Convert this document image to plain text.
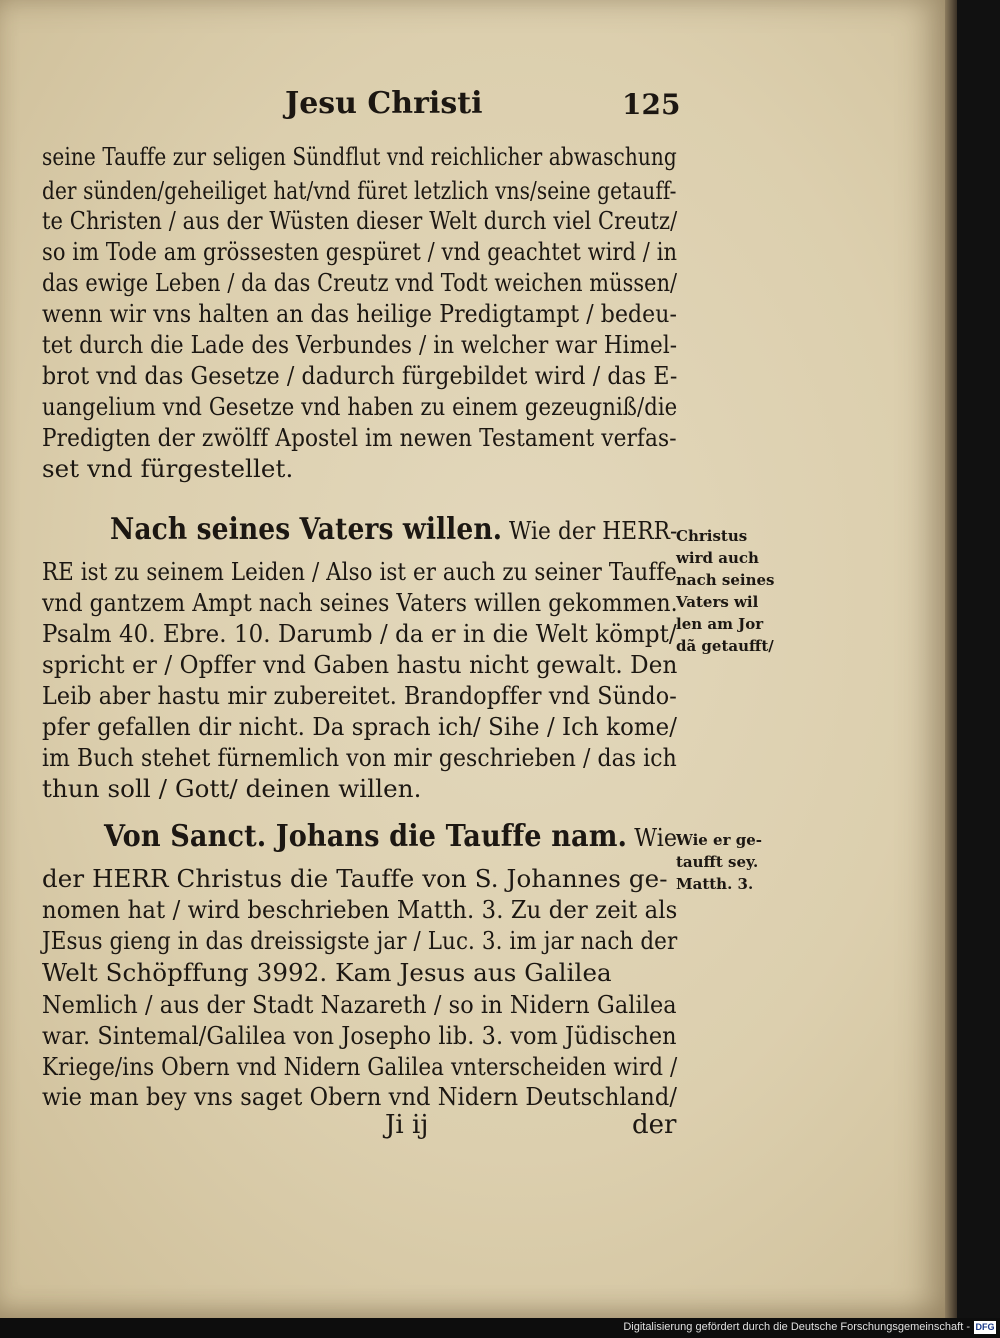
Jesu Christi	125
seine Tauffe zur seligen Sündflut vnd reichlicher abwaschung
der sünden/geheiliget hat/vnd füret letzlich vns/seine getauff-
te Christen / aus der Wüsten dieser Welt durch viel Creutz/
so im Tode am grössesten gespüret / vnd geachtet wird / in
das ewige Leben / da das Creutz vnd Todt weichen müssen/
wenn wir vns halten an das heilige Predigtampt / bedeu-
tet durch die Lade des Verbundes / in welcher war Himel-
brot vnd das Gesetze / dadurch fürgebildet wird / das E-
uangelium vnd Gesetze vnd haben zu einem gezeugniß/die
Predigten der zwölff Apostel im newen Testament verfas-
set vnd fürgestellet.
Nach seines Vaters willen. Wie der HERR-
RE ist zu seinem Leiden / Also ist er auch zu seiner Tauffe
vnd gantzem Ampt nach seines Vaters willen gekommen.
Psalm 40. Ebre. 10. Darumb / da er in die Welt kömpt/
spricht er / Opffer vnd Gaben hastu nicht gewalt. Den
Leib aber hastu mir zubereitet. Brandopffer vnd Sündo-
pfer gefallen dir nicht. Da sprach ich/ Sihe / Ich kome/
im Buch stehet fürnemlich von mir geschrieben / das ich
thun soll / Gott/ deinen willen.
Christus
wird auch
nach seines
Vaters wil
len am Jor
dã getaufft/
Von Sanct. Johans die Tauffe nam. Wie
der HERR Christus die Tauffe von S. Johannes ge-
nomen hat / wird beschrieben Matth. 3. Zu der zeit als
JEsus gieng in das dreissigste jar / Luc. 3. im jar nach der
Welt Schöpffung 3992. Kam Jesus aus Galilea
Nemlich / aus der Stadt Nazareth / so in Nidern Galilea
war. Sintemal/Galilea von Josepho lib. 3. vom Jüdischen
Kriege/ins Obern vnd Nidern Galilea vnterscheiden wird /
wie man bey vns saget Obern vnd Nidern Deutschland/
Wie er ge-
taufft sey.
Matth. 3.
Ji ij	der
Digitalisierung gefördert durch die Deutsche Forschungsgemeinschaft - DFG
